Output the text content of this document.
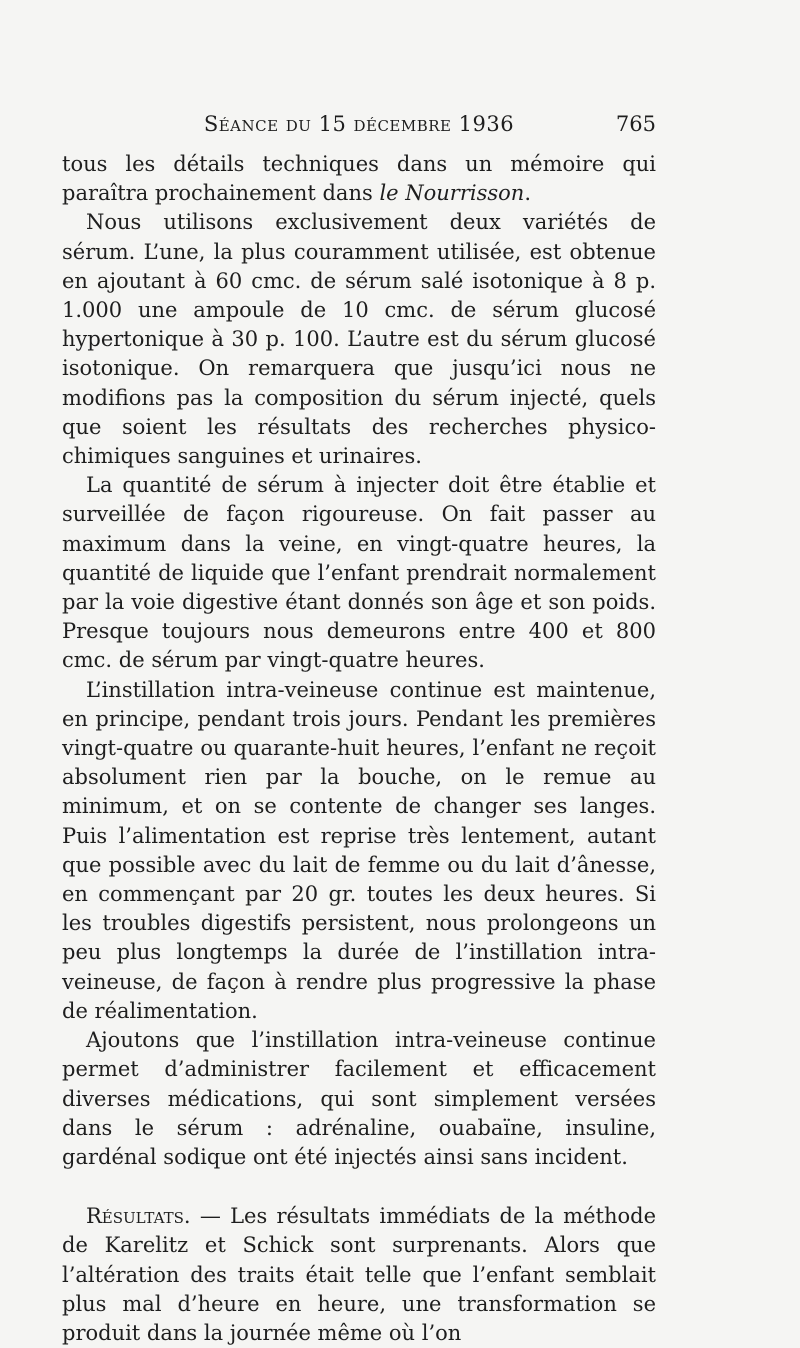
Séance du 15 décembre 1936	765

tous les détails techniques dans un mémoire qui paraîtra prochainement dans le Nourrisson.

Nous utilisons exclusivement deux variétés de sérum. L’une, la plus couramment utilisée, est obtenue en ajoutant à 60 cmc. de sérum salé isotonique à 8 p. 1.000 une ampoule de 10 cmc. de sérum glucosé hypertonique à 30 p. 100. L’autre est du sérum glucosé isotonique. On remarquera que jusqu’ici nous ne modifions pas la composition du sérum injecté, quels que soient les résultats des recherches physico-chimiques sanguines et urinaires.

La quantité de sérum à injecter doit être établie et surveillée de façon rigoureuse. On fait passer au maximum dans la veine, en vingt-quatre heures, la quantité de liquide que l’enfant prendrait normalement par la voie digestive étant donnés son âge et son poids. Presque toujours nous demeurons entre 400 et 800 cmc. de sérum par vingt-quatre heures.

L’instillation intra-veineuse continue est maintenue, en principe, pendant trois jours. Pendant les premières vingt-quatre ou quarante-huit heures, l’enfant ne reçoit absolument rien par la bouche, on le remue au minimum, et on se contente de changer ses langes. Puis l’alimentation est reprise très lentement, autant que possible avec du lait de femme ou du lait d’ânesse, en commençant par 20 gr. toutes les deux heures. Si les troubles digestifs persistent, nous prolongeons un peu plus longtemps la durée de l’instillation intra-veineuse, de façon à rendre plus progressive la phase de réalimentation.

Ajoutons que l’instillation intra-veineuse continue permet d’administrer facilement et efficacement diverses médications, qui sont simplement versées dans le sérum : adrénaline, ouabaïne, insuline, gardénal sodique ont été injectés ainsi sans incident.

Résultats. — Les résultats immédiats de la méthode de Karelitz et Schick sont surprenants. Alors que l’altération des traits était telle que l’enfant semblait plus mal d’heure en heure, une transformation se produit dans la journée même où l’on
